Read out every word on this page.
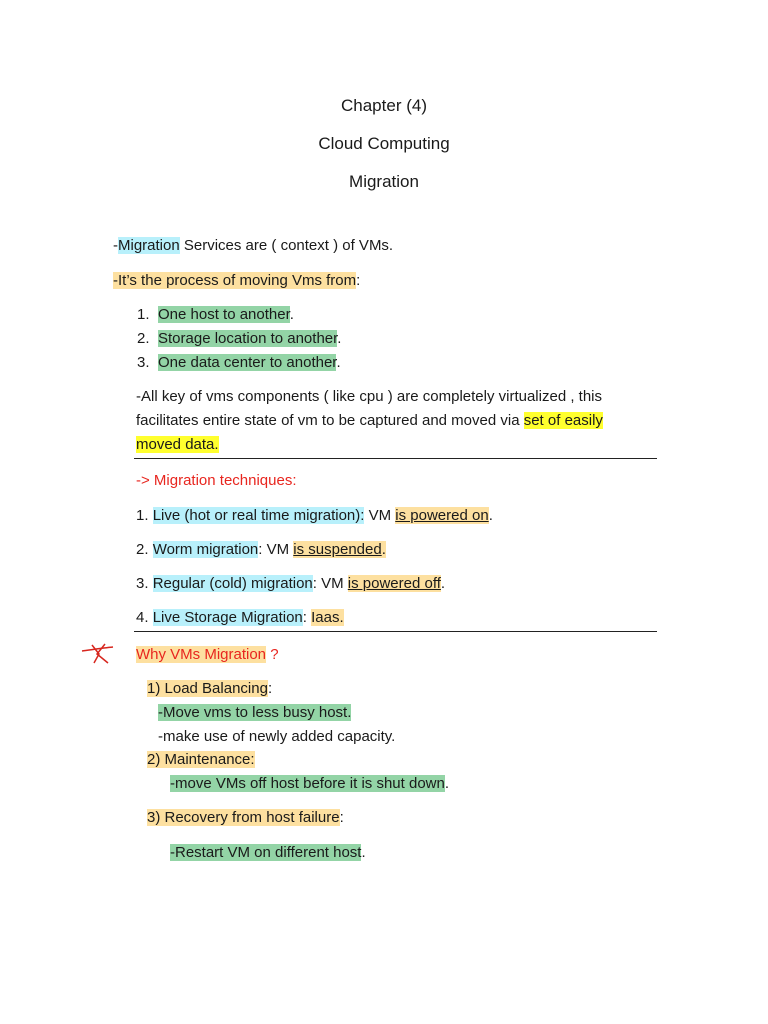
Chapter (4)
Cloud Computing
Migration
-Migration Services are ( context ) of VMs.
-It’s the process of moving Vms from:
1. One host to another.
2. Storage location to another.
3. One data center to another.
-All key of vms components ( like cpu ) are completely virtualized , this
facilitates entire state of vm to be captured and moved via set of easily
moved data.
-> Migration techniques:
1. Live (hot or real time migration): VM is powered on.
2. Worm migration: VM is suspended.
3. Regular (cold) migration: VM is powered off.
4. Live Storage Migration: Iaas.
Why VMs Migration ?
1) Load Balancing:
-Move vms to less busy host.
-make use of newly added capacity.
2) Maintenance:
-move VMs off host before it is shut down.
3) Recovery from host failure:
-Restart VM on different host.
